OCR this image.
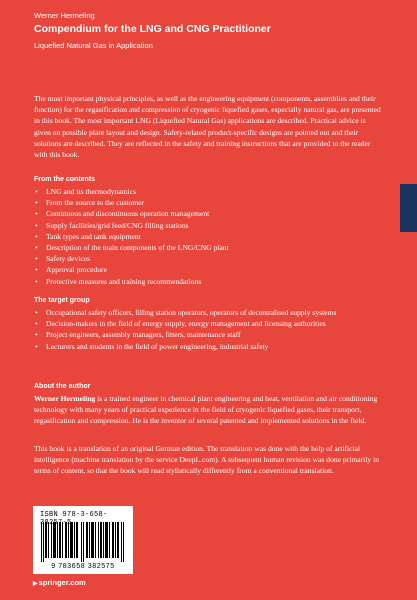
Werner Hermeling
Compendium for the LNG and CNG Practitioner
Liquefied Natural Gas in Application

The most important physical principles, as well as the engineering equipment (components, assemblies and their function) for the regasification and compression of cryogenic liquefied gases, especially natural gas, are presented in this book. The most important LNG (Liquefied Natural Gas) applications are described. Practical advice is given on possible plant layout and design. Safety-related product-specific designs are pointed out and their solutions are described. They are reflected in the safety and training instructions that are provided to the reader with this book.

From the contents
• LNG and its thermodynamics
• From the source to the customer
• Continuous and discontinuous operation management
• Supply facilities/grid feed/CNG filling stations
• Tank types and tank equipment
• Description of the main components of the LNG/CNG plant
• Safety devices
• Approval procedure
• Protective measures and training recommendations
The target group
• Occupational safety officers, filling station operators, operators of decentralised supply systems
• Decision-makers in the field of energy supply, energy management and licensing authorities
• Project engineers, assembly managers, fitters, maintenance staff
• Lecturers and students in the field of power engineering, industrial safety
About the author

Werner Hermeling is a trained engineer in chemical plant engineering and heat, ventilation and air conditioning technology with many years of practical experience in the field of cryogenic liquefied gases, their transport, regasification and compression. He is the inventor of several patented and implemented solutions in the field.

This book is a translation of an original German edition. The translation was done with the help of artificial intelligence (machine translation by the service DeepL.com). A subsequent human revision was done primarily in terms of content, so that the book will read stylistically differently from a conventional translation.

ISBN 978-3-658-38 7-5
9 783658 382575
▶springer.com
